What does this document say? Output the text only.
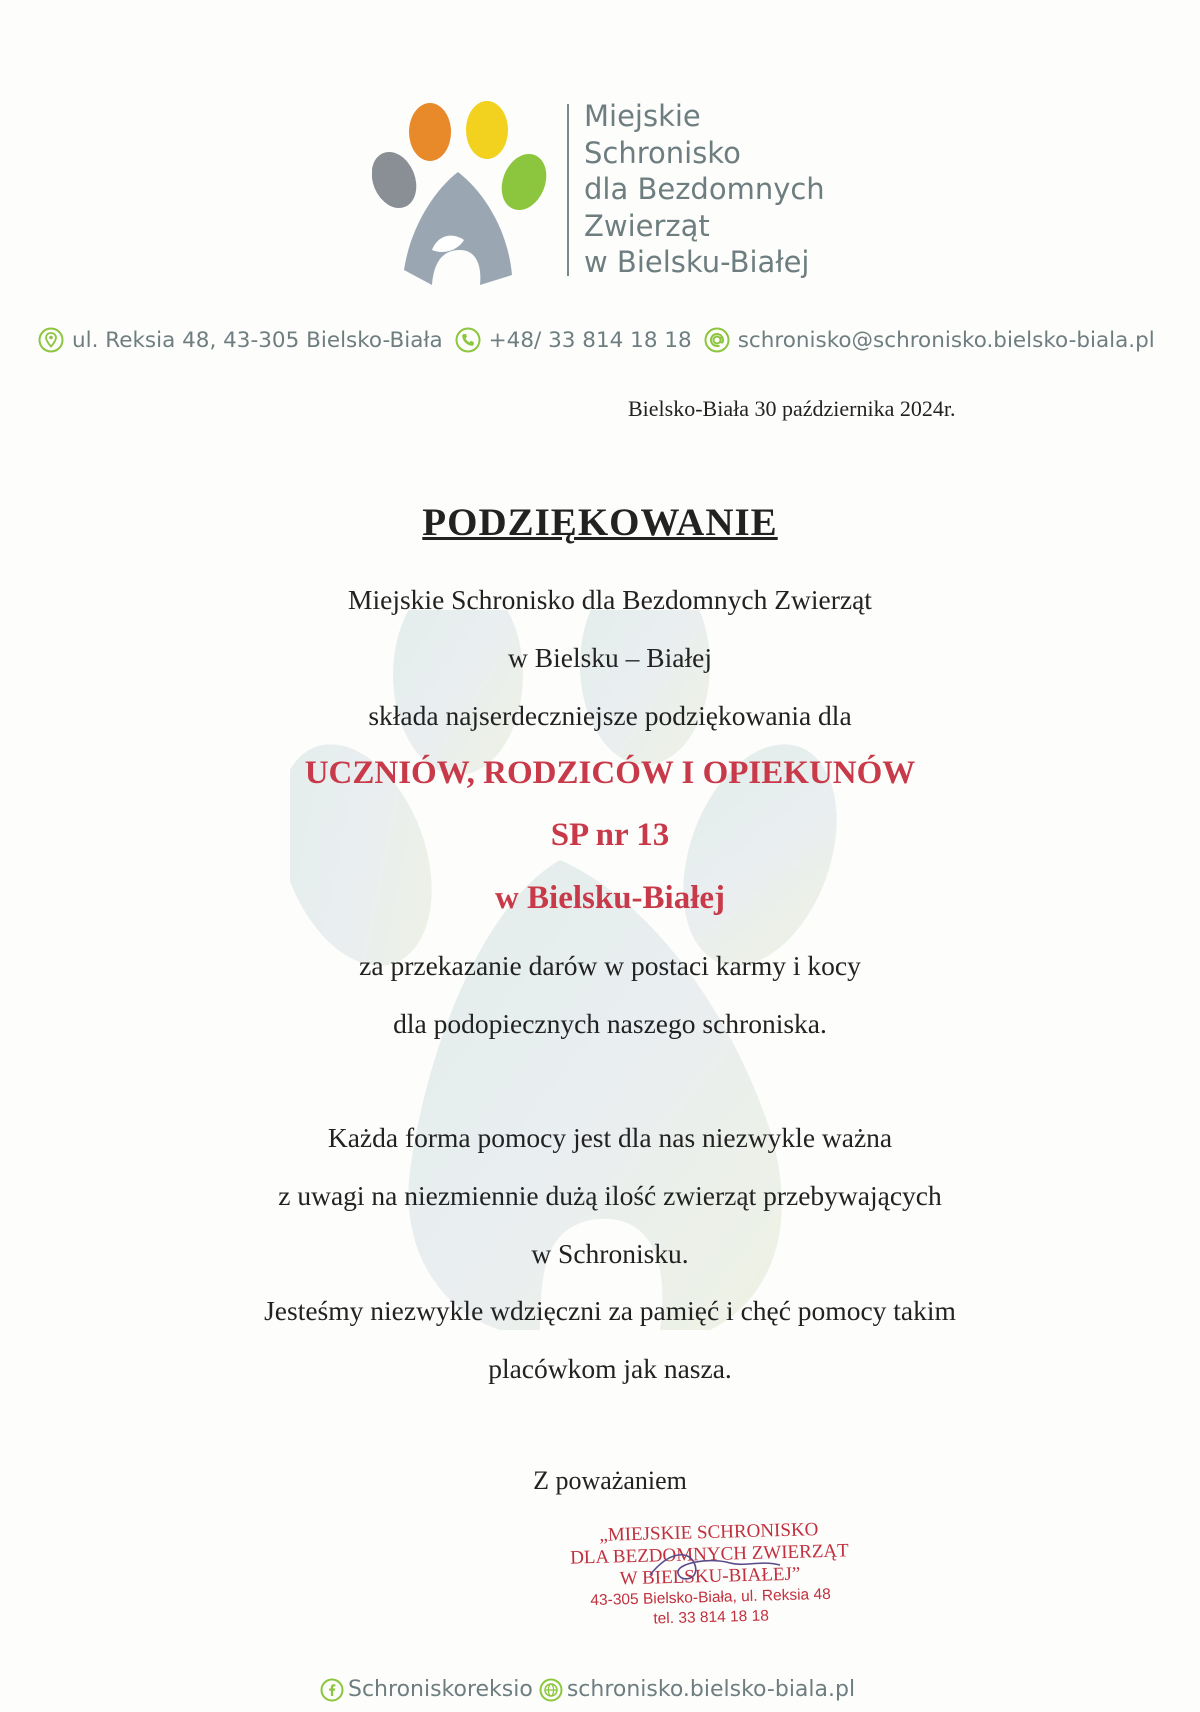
Miejskie
Schronisko
dla Bezdomnych
Zwierząt
w Bielsku-Białej
ul. Reksia 48, 43-305 Bielsko-Biała +48/ 33 814 18 18 schronisko@schronisko.bielsko-biala.pl
Bielsko-Biała 30 października 2024r.
PODZIĘKOWANIE
Miejskie Schronisko dla Bezdomnych Zwierząt
w Bielsku – Białej
składa najserdeczniejsze podziękowania dla
UCZNIÓW, RODZICÓW I OPIEKUNÓW
SP nr 13
w Bielsku-Białej
za przekazanie darów w postaci karmy i kocy
dla podopiecznych naszego schroniska.
Każda forma pomocy jest dla nas niezwykle ważna
z uwagi na niezmiennie dużą ilość zwierząt przebywających
w Schronisku.
Jesteśmy niezwykle wdzięczni za pamięć i chęć pomocy takim
placówkom jak nasza.
Z poważaniem
„MIEJSKIE SCHRONISKO
DLA BEZDOMNYCH ZWIERZĄT
W BIELSKU-BIAŁEJ”
43-305 Bielsko-Biała, ul. Reksia 48
tel. 33 814 18 18
Schroniskoreksio schronisko.bielsko-biala.pl
